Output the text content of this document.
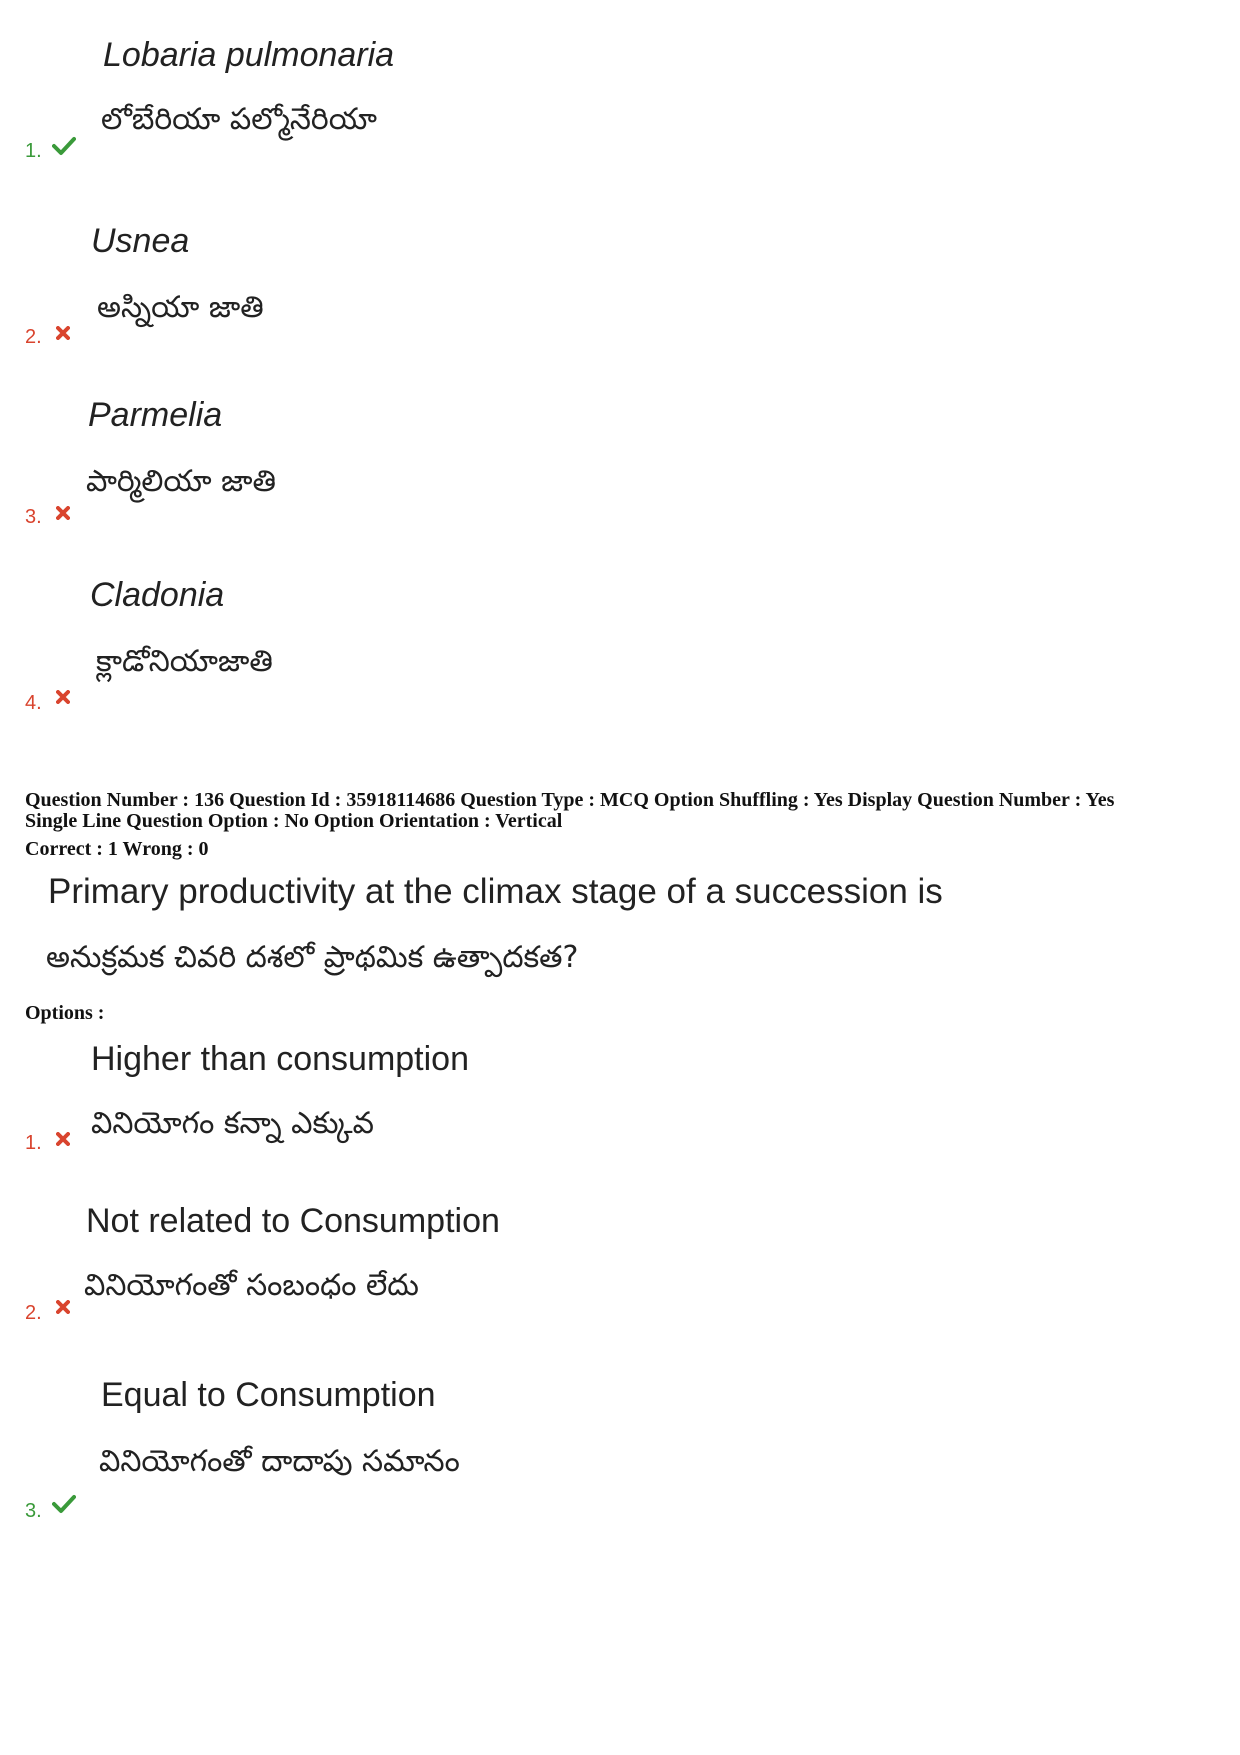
Lobaria pulmonaria
లోబేరియా పల్మోనేరియా
1.
Usnea
అస్నియా జాతి
2.
Parmelia
పార్మిలియా జాతి
3.
Cladonia
క్లాడోనియాజాతి
4.
Question Number : 136 Question Id : 35918114686 Question Type : MCQ Option Shuffling : Yes Display Question Number : Yes
Single Line Question Option : No Option Orientation : Vertical
Correct : 1 Wrong : 0
Primary productivity at the climax stage of a succession is
అనుక్రమక చివరి దశలో ప్రాథమిక ఉత్పాదకత?
Options :
Higher than consumption
వినియోగం కన్నా ఎక్కువ
1.
Not related to Consumption
వినియోగంతో సంబంధం లేదు
2.
Equal to Consumption
వినియోగంతో దాదాపు సమానం
3.
